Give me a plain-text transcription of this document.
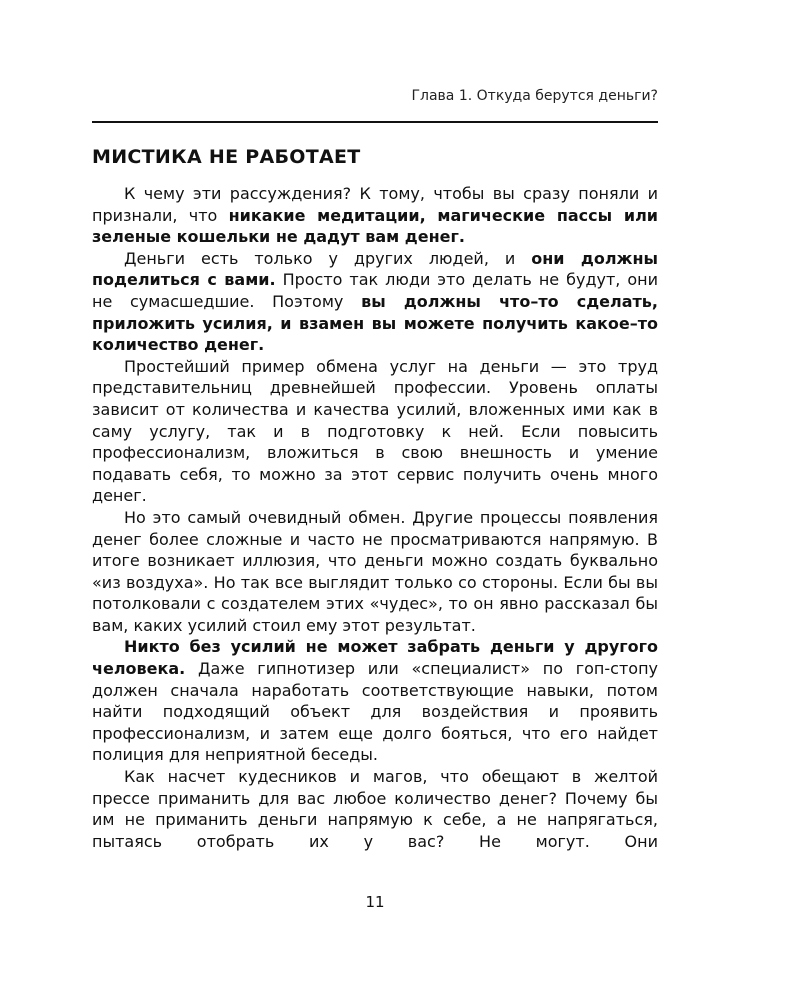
Глава 1. Откуда берутся деньги?
МИСТИКА НЕ РАБОТАЕТ

К чему эти рассуждения? К тому, чтобы вы сразу поняли и признали, что никакие медитации, магические пассы или зеленые кошельки не дадут вам денег.

Деньги есть только у других людей, и они должны поделиться с вами. Просто так люди это делать не будут, они не сумасшедшие. Поэтому вы должны что–то сделать, приложить усилия, и взамен вы можете получить какое–то количество денег.

Простейший пример обмена услуг на деньги — это труд представительниц древнейшей профессии. Уровень оплаты зависит от количества и качества усилий, вложенных ими как в саму услугу, так и в подготовку к ней. Если повысить профессионализм, вложиться в свою внешность и умение подавать себя, то можно за этот сервис получить очень много денег.

Но это самый очевидный обмен. Другие процессы появления денег более сложные и часто не просматриваются напрямую. В итоге возникает иллюзия, что деньги можно создать буквально «из воздуха». Но так все выглядит только со стороны. Если бы вы потолковали с создателем этих «чудес», то он явно рассказал бы вам, каких усилий стоил ему этот результат.

Никто без усилий не может забрать деньги у другого человека. Даже гипнотизер или «специалист» по гоп-стопу должен сначала наработать соответствующие навыки, потом найти подходящий объект для воздействия и проявить профессионализм, и затем еще долго бояться, что его найдет полиция для неприятной беседы.

Как насчет кудесников и магов, что обещают в желтой прессе приманить для вас любое количество денег? Почему бы им не приманить деньги напрямую к себе, а не напрягаться, пытаясь отобрать их у вас? Не могут. Они

11
